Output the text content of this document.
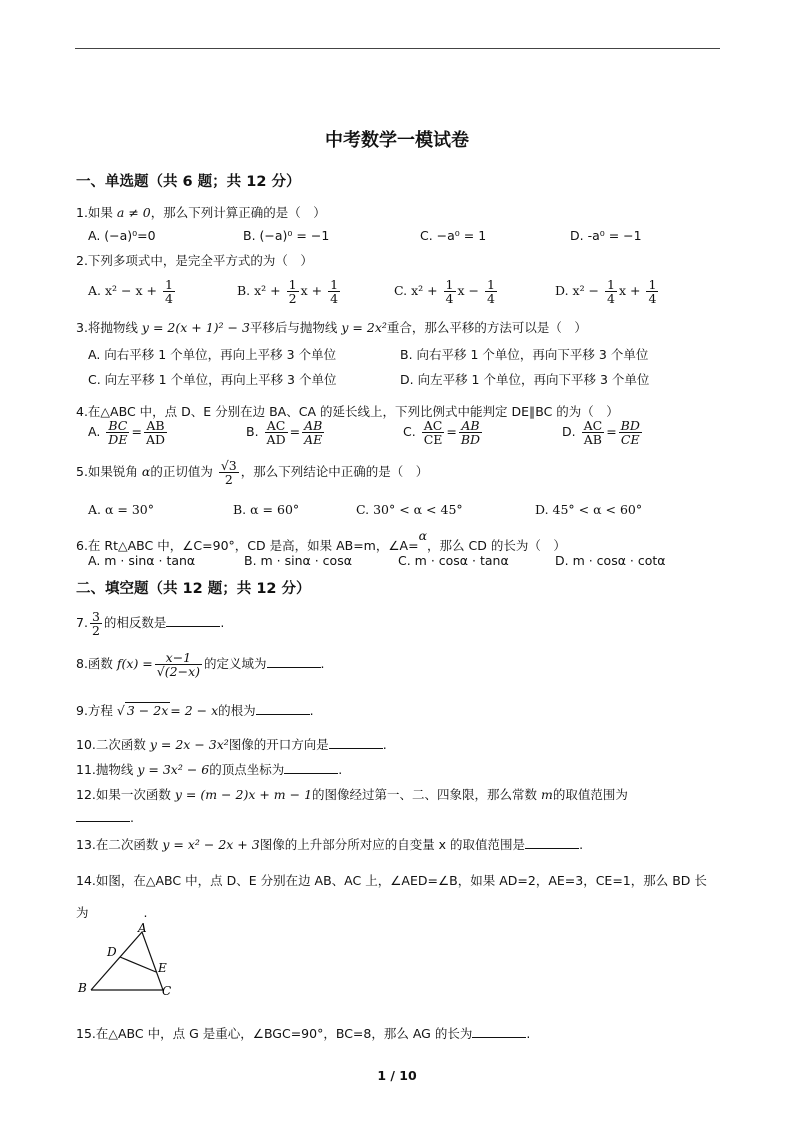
中考数学一模试卷
一、单选题（共 6 题；共 12 分）
1.如果 a ≠ 0，那么下列计算正确的是（　）
A. (−a)⁰=0	B. (−a)⁰ = −1	C. −a⁰ = 1	D. -a⁰ = −1
2.下列多项式中，是完全平方式的为（　）
A. $x^2 - x + \frac{1}{4}$	B. $x^2 + \frac{1}{2}$ $x + \frac{1}{4}$	C. $x^2 + \frac{1}{4}$ $x - \frac{1}{4}$	D. $x^2 - \frac{1}{4}$ $x + \frac{1}{4}$
3.将抛物线 y = 2(x + 1)² − 3平移后与抛物线 y = 2x²重合，那么平移的方法可以是（　）
A. 向右平移 1 个单位，再向上平移 3 个单位	B. 向右平移 1 个单位，再向下平移 3 个单位
C. 向左平移 1 个单位，再向上平移 3 个单位	D. 向左平移 1 个单位，再向下平移 3 个单位
4.在△ABC 中，点 D、E 分别在边 BA、CA 的延长线上，下列比例式中能判定 DE∥BC 的为（　）
A. $\frac{BC}{DE} = \frac{AB}{AD}$	B. $\frac{AC}{AD} = \frac{AB}{AE}$	C. $\frac{AC}{CE} = \frac{AB}{BD}$	D. $\frac{AC}{AB} = \frac{BD}{CE}$
5.如果锐角 α的正切值为 $\frac{√3}{2}$ ，那么下列结论中正确的是（　）
A. α = 30°	B. α = 60°	C. 30° < α < 45°	D. 45° < α < 60°
6.在 Rt△ABC 中，∠C=90°，CD 是高，如果 AB=m，∠A=α，那么 CD 的长为（　）
A. m · sinα · tanα	B. m · sinα · cosα	C. m · cosα · tanα	D. m · cosα · cotα
二、填空题（共 12 题；共 12 分）
7. $\frac{3}{2}$ 的相反数是	.
8.函数 $f(x) = \frac{x-1}{√(2-x)}$ 的定义域为	.
9.方程 √ 3 − 2x = 2 − x的根为	.
10.二次函数 y = 2x − 3x²图像的开口方向是	.
11.抛物线 y = 3x² − 6的顶点坐标为	.
12.如果一次函数 y = (m − 2)x + m − 1的图像经过第一、二、四象限，那么常数 m的取值范围为
.
13.在二次函数 y = x² − 2x + 3图像的上升部分所对应的自变量 x 的取值范围是	.
14.如图，在△ABC 中，点 D、E 分别在边 AB、AC 上，∠AED=∠B，如果 AD=2，AE=3，CE=1，那么 BD 长
为	.
A
B	C
D
E
15.在△ABC 中，点 G 是重心，∠BGC=90°，BC=8，那么 AG 的长为	.
1 / 10
